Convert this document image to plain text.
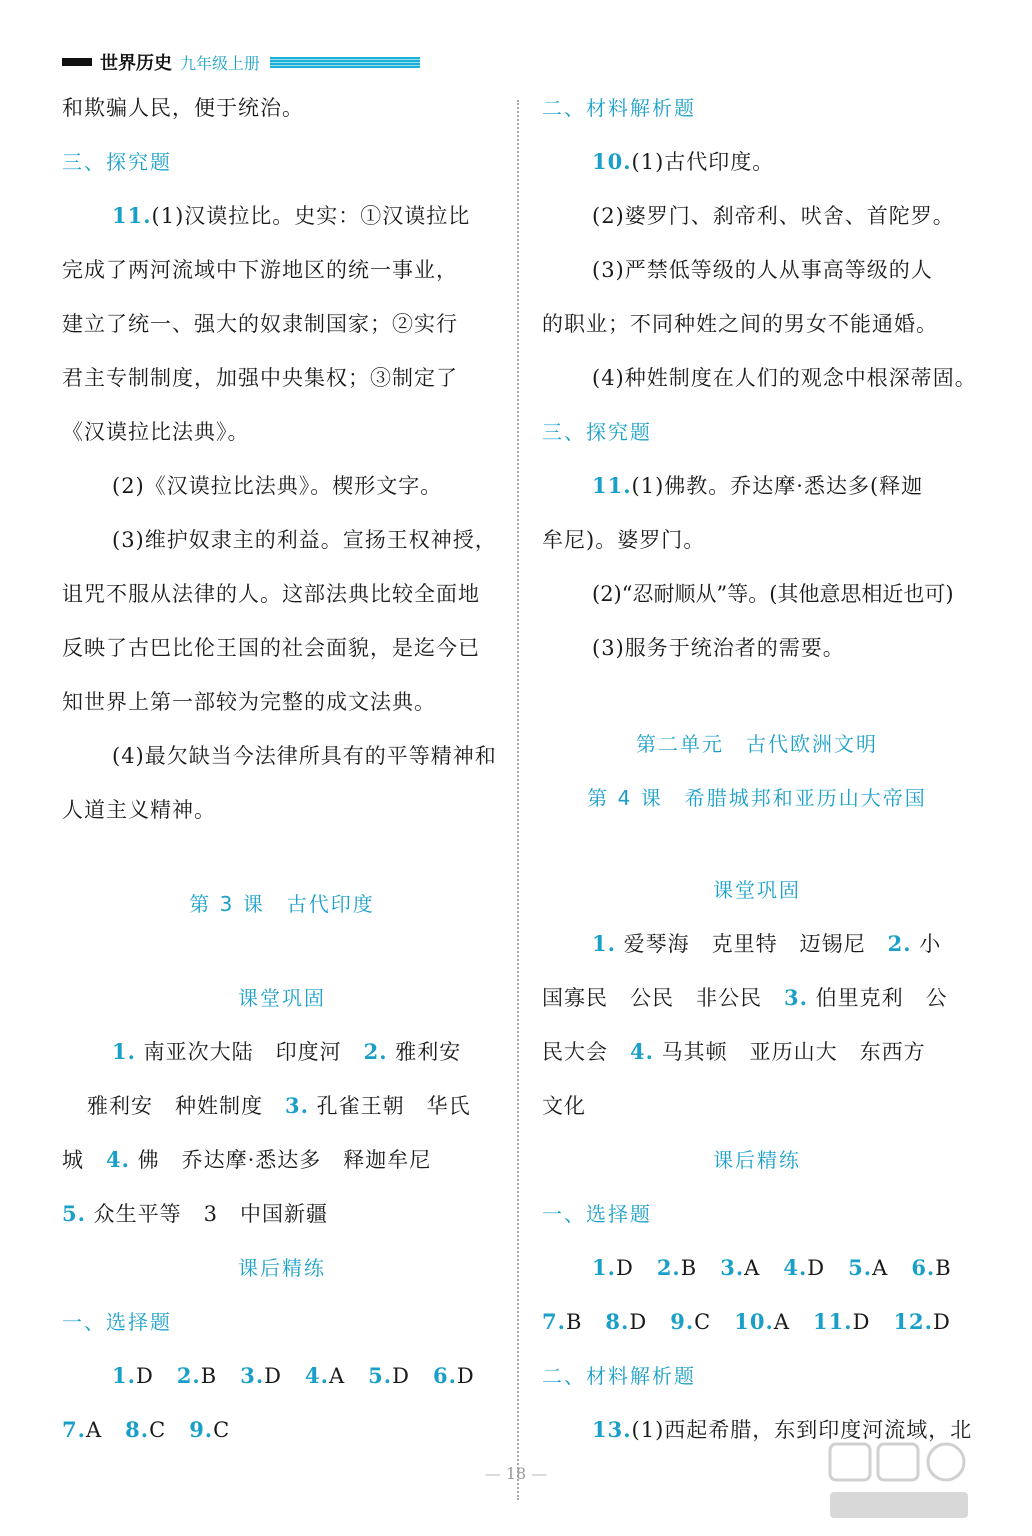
世界历史 九年级上册
和欺骗人民，便于统治。
三、探究题
11.(1)汉谟拉比。史实：①汉谟拉比
完成了两河流域中下游地区的统一事业，
建立了统一、强大的奴隶制国家；②实行
君主专制制度，加强中央集权；③制定了
《汉谟拉比法典》。
(2)《汉谟拉比法典》。楔形文字。
(3)维护奴隶主的利益。宣扬王权神授，
诅咒不服从法律的人。这部法典比较全面地
反映了古巴比伦王国的社会面貌，是迄今已
知世界上第一部较为完整的成文法典。
(4)最欠缺当今法律所具有的平等精神和
人道主义精神。
第 3 课　古代印度
课堂巩固
1. 南亚次大陆　印度河　 2. 雅利安
雅利安　种姓制度　 3. 孔雀王朝　华氏
城　 4. 佛　乔达摩·悉达多　释迦牟尼
5. 众生平等　3　中国新疆
课后精练
一、选择题
1.D 2.B 3.D 4.A 5.D 6.D
7.A 8.C 9.C
二、材料解析题
10.(1)古代印度。
(2)婆罗门、刹帝利、吠舍、首陀罗。
(3)严禁低等级的人从事高等级的人
的职业；不同种姓之间的男女不能通婚。
(4)种姓制度在人们的观念中根深蒂固。
三、探究题
11.(1)佛教。乔达摩·悉达多(释迦
牟尼)。婆罗门。
(2)“忍耐顺从”等。(其他意思相近也可)
(3)服务于统治者的需要。
第二单元　古代欧洲文明
第 4 课　希腊城邦和亚历山大帝国
课堂巩固
1. 爱琴海　克里特　迈锡尼　 2. 小
国寡民　公民　非公民　 3. 伯里克利　公
民大会　 4. 马其顿　亚历山大　东西方
文化
课后精练
一、选择题
1.D 2.B 3.A 4.D 5.A 6.B
7.B 8.D 9.C 10.A 11.D 12.D
二、材料解析题
13.(1)西起希腊，东到印度河流域，北
— 18 —
